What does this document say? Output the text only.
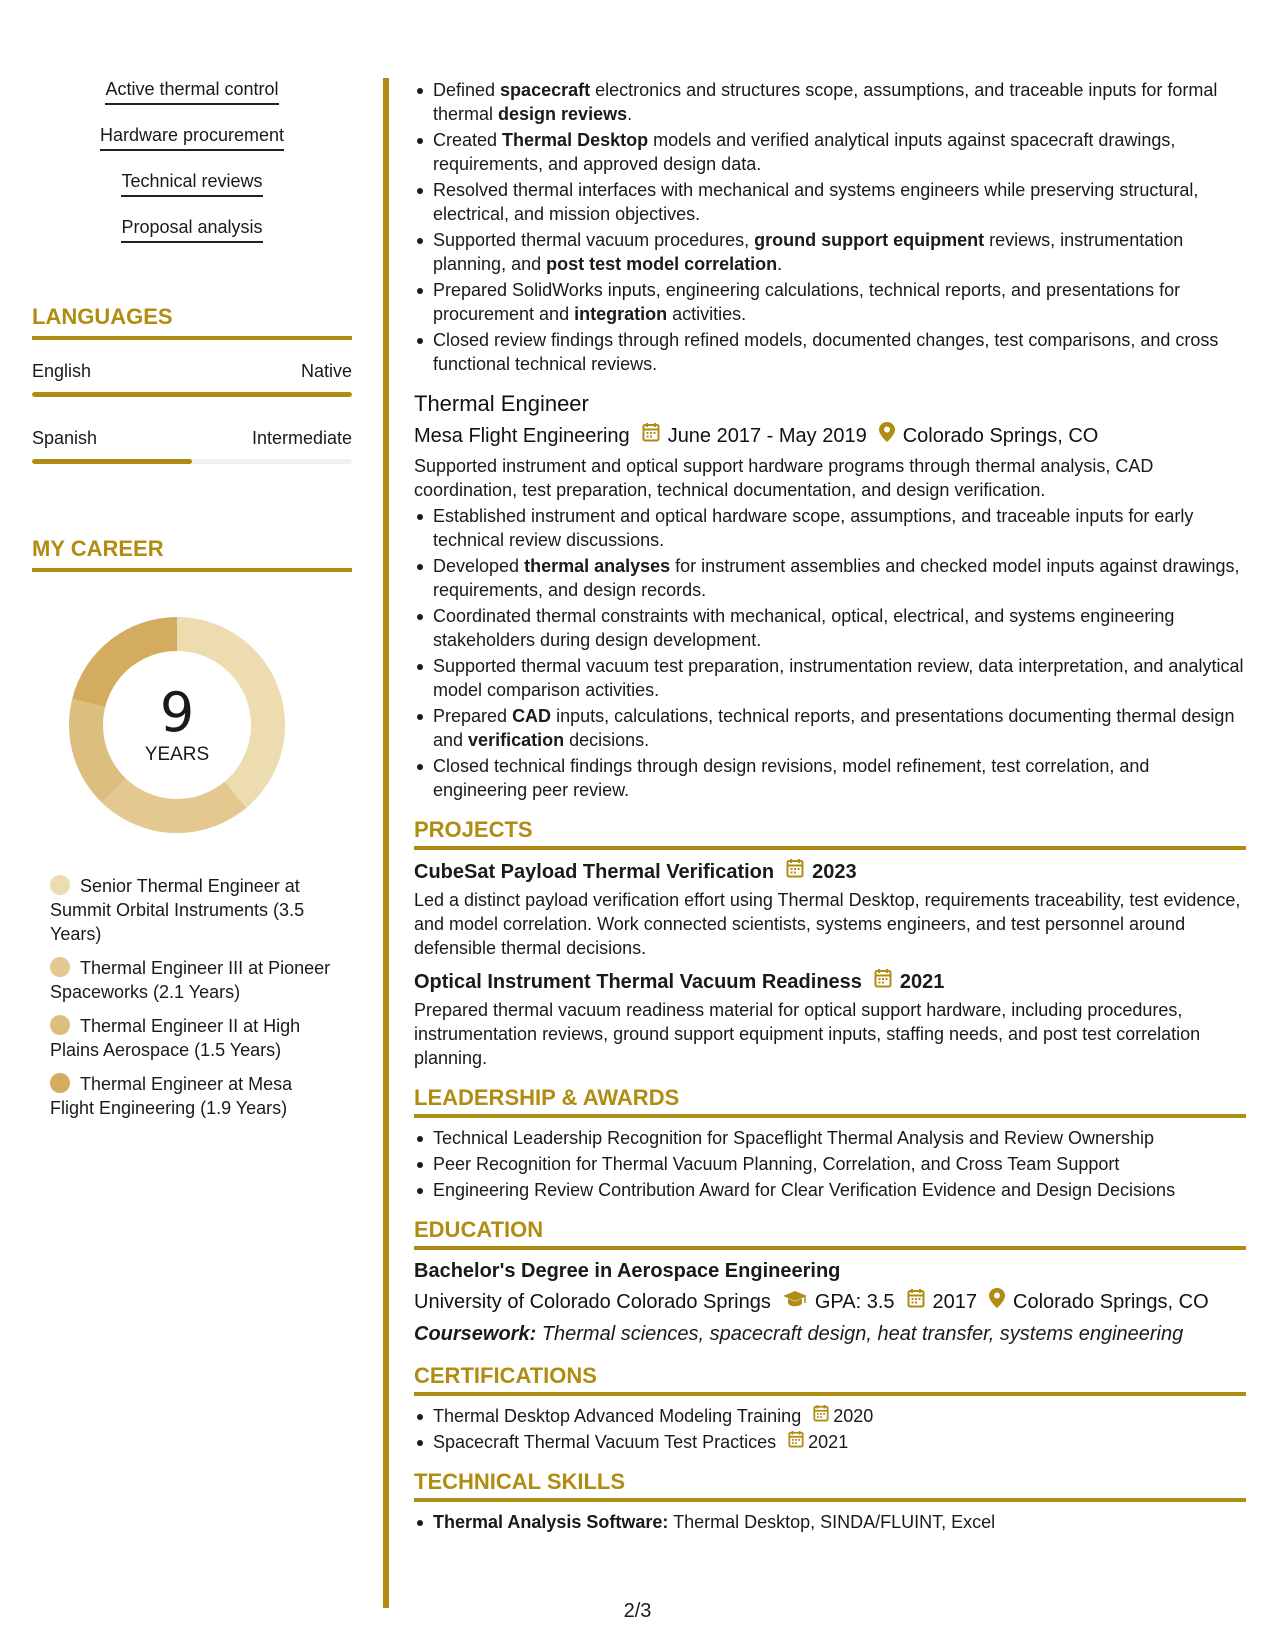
Active thermal control
Hardware procurement
Technical reviews
Proposal analysis
LANGUAGES
English	Native
Spanish	Intermediate
MY CAREER
9
YEARS
Senior Thermal Engineer at Summit Orbital Instruments (3.5 Years)
Thermal Engineer III at Pioneer Spaceworks (2.1 Years)
Thermal Engineer II at High Plains Aerospace (1.5 Years)
Thermal Engineer at Mesa Flight Engineering (1.9 Years)
Defined spacecraft electronics and structures scope, assumptions, and traceable inputs for formal thermal design reviews.
Created Thermal Desktop models and verified analytical inputs against spacecraft drawings, requirements, and approved design data.
Resolved thermal interfaces with mechanical and systems engineers while preserving structural, electrical, and mission objectives.
Supported thermal vacuum procedures, ground support equipment reviews, instrumentation planning, and post test model correlation.
Prepared SolidWorks inputs, engineering calculations, technical reports, and presentations for procurement and integration activities.
Closed review findings through refined models, documented changes, test comparisons, and cross functional technical reviews.
Thermal Engineer
Mesa Flight Engineering June 2017 - May 2019 Colorado Springs, CO
Supported instrument and optical support hardware programs through thermal analysis, CAD coordination, test preparation, technical documentation, and design verification.
Established instrument and optical hardware scope, assumptions, and traceable inputs for early technical review discussions.
Developed thermal analyses for instrument assemblies and checked model inputs against drawings, requirements, and design records.
Coordinated thermal constraints with mechanical, optical, electrical, and systems engineering stakeholders during design development.
Supported thermal vacuum test preparation, instrumentation review, data interpretation, and analytical model comparison activities.
Prepared CAD inputs, calculations, technical reports, and presentations documenting thermal design and verification decisions.
Closed technical findings through design revisions, model refinement, test correlation, and engineering peer review.
PROJECTS
CubeSat Payload Thermal Verification 2023
Led a distinct payload verification effort using Thermal Desktop, requirements traceability, test evidence, and model correlation. Work connected scientists, systems engineers, and test personnel around defensible thermal decisions.
Optical Instrument Thermal Vacuum Readiness 2021
Prepared thermal vacuum readiness material for optical support hardware, including procedures, instrumentation reviews, ground support equipment inputs, staffing needs, and post test correlation planning.
LEADERSHIP & AWARDS
Technical Leadership Recognition for Spaceflight Thermal Analysis and Review Ownership
Peer Recognition for Thermal Vacuum Planning, Correlation, and Cross Team Support
Engineering Review Contribution Award for Clear Verification Evidence and Design Decisions
EDUCATION
Bachelor's Degree in Aerospace Engineering
University of Colorado Colorado Springs GPA: 3.5 2017 Colorado Springs, CO
Coursework: Thermal sciences, spacecraft design, heat transfer, systems engineering
CERTIFICATIONS
Thermal Desktop Advanced Modeling Training 2020
Spacecraft Thermal Vacuum Test Practices 2021
TECHNICAL SKILLS
Thermal Analysis Software: Thermal Desktop, SINDA/FLUINT, Excel
2/3
